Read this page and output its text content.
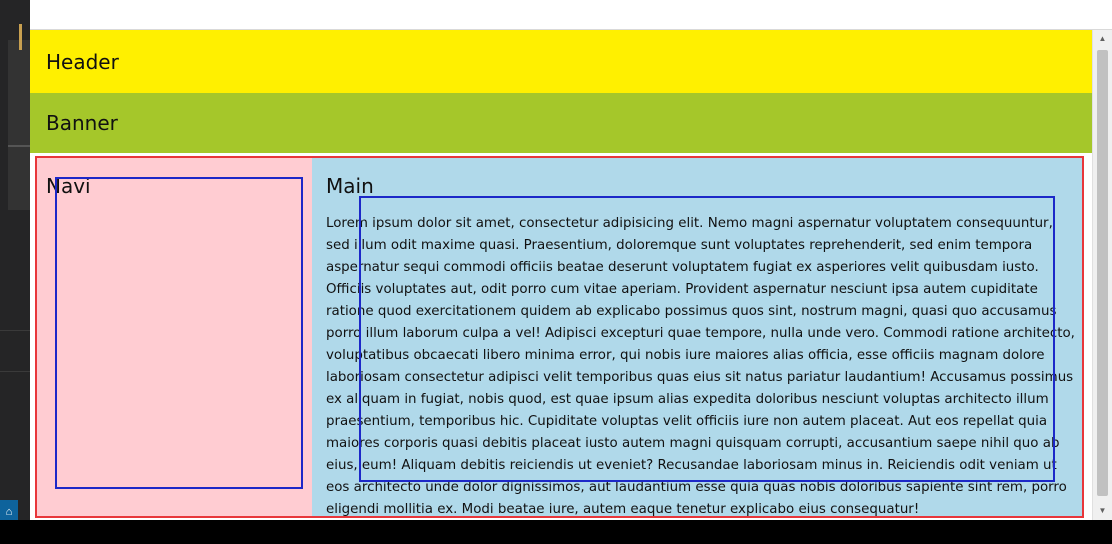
⌂
Header
Banner
Navi	Main

Lorem ipsum dolor sit amet, consectetur adipisicing elit. Nemo magni aspernatur voluptatem consequuntur, sed illum odit maxime quasi. Praesentium, doloremque sunt voluptates reprehenderit, sed enim tempora aspernatur sequi commodi officiis beatae deserunt voluptatem fugiat ex asperiores velit quibusdam iusto. Officiis voluptates aut, odit porro cum vitae aperiam. Provident aspernatur nesciunt ipsa autem cupiditate ratione quod exercitationem quidem ab explicabo possimus quos sint, nostrum magni, quasi quo accusamus porro illum laborum culpa a vel! Adipisci excepturi quae tempore, nulla unde vero. Commodi ratione architecto, voluptatibus obcaecati libero minima error, qui nobis iure maiores alias officia, esse officiis magnam dolore laboriosam consectetur adipisci velit temporibus quas eius sit natus pariatur laudantium! Accusamus possimus ex aliquam in fugiat, nobis quod, est quae ipsum alias expedita doloribus nesciunt voluptas architecto illum praesentium, temporibus hic. Cupiditate voluptas velit officiis iure non autem placeat. Aut eos repellat quia maiores corporis quasi debitis placeat iusto autem magni quisquam corrupti, accusantium saepe nihil quo ab eius, eum! Aliquam debitis reiciendis ut eveniet? Recusandae laboriosam minus in. Reiciendis odit veniam ut eos architecto unde dolor dignissimos, aut laudantium esse quia quas nobis doloribus sapiente sint rem, porro eligendi mollitia ex. Modi beatae iure, autem eaque tenetur explicabo eius consequatur!

▲
▼
